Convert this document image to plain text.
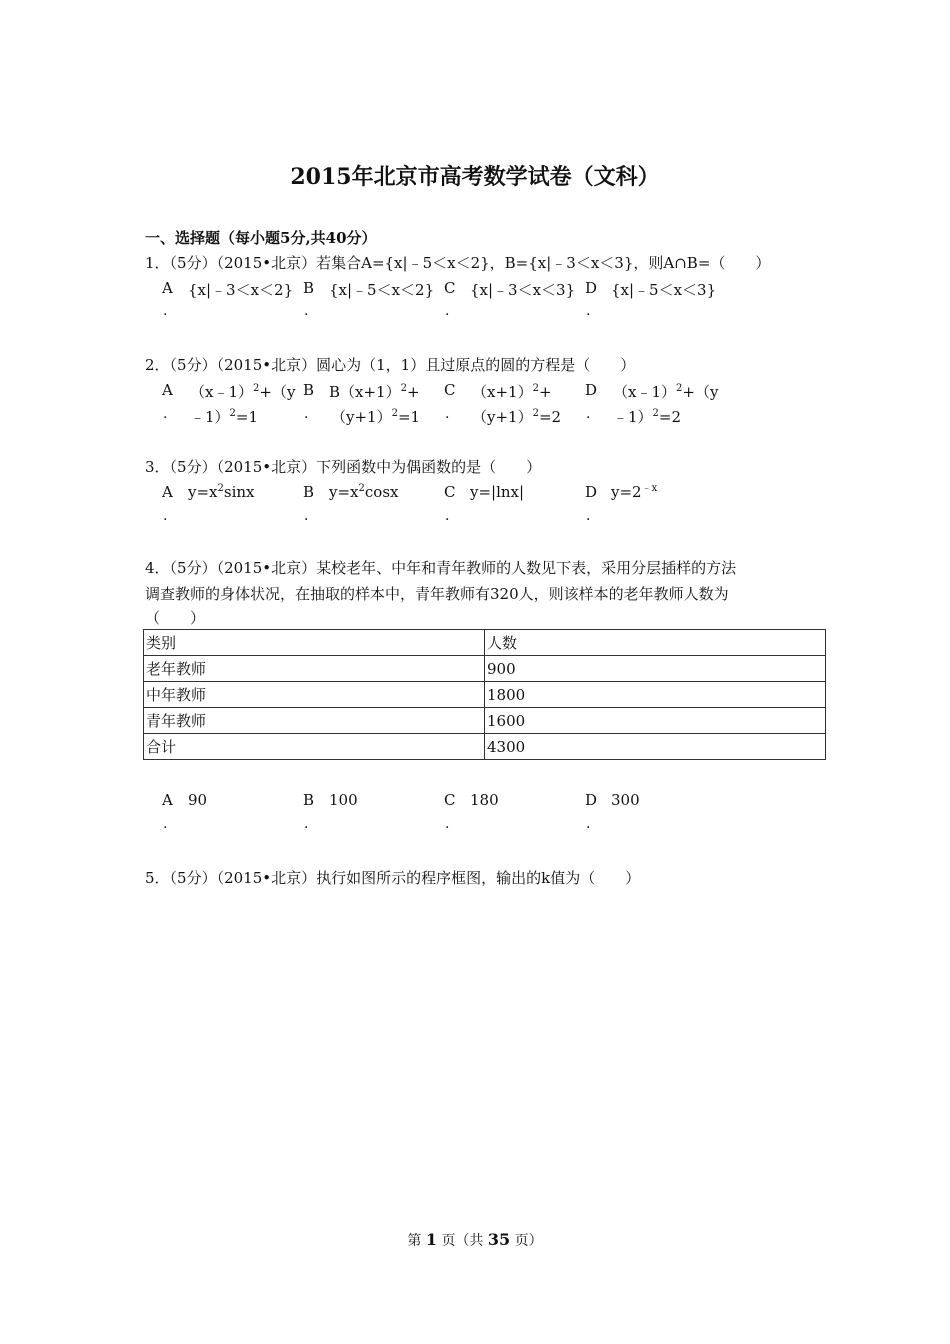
2015年北京市高考数学试卷（文科）
一、选择题（每小题5分,共40分）
1．（5分）（2015•北京）若集合A={x|﹣5＜x＜2}，B={x|﹣3＜x＜3}，则A∩B=（　　）
A {x|﹣3＜x＜2} B {x|﹣5＜x＜2} C {x|﹣3＜x＜3} D {x|﹣5＜x＜3}
.	.	.	.
2．（5分）（2015•北京）圆心为（1，1）且过原点的圆的方程是（　　）
A （x﹣1）$^2$+（y
﹣1）$^2$=1
B $B(x+1)^2+$
$(y+1)^2=1$
C $(x+1)^2+$
$(y+1)^2=2$
D （x﹣1）$^2$+（y
﹣1）$^2$=2
.	.	.	.
3．（5分）（2015•北京）下列函数中为偶函数的是（　　）
A $y=x^2\sin x$	B $y=x^2\cos x$	C y=|lnx|	D $y=2^{﹣x}$
.	.	.	.
4．（5分）（2015•北京）某校老年、中年和青年教师的人数见下表，采用分层插样的方法
调查教师的身体状况，在抽取的样本中，青年教师有320人，则该样本的老年教师人数为
（　　）
类别	人数
老年教师	900
中年教师	1800
青年教师	1600
合计	4300
A 90	B 100	C 180	D 300
.	.	.	.
5．（5分）（2015•北京）执行如图所示的程序框图，输出的k值为（　　）
第 1 页（共 35 页）
